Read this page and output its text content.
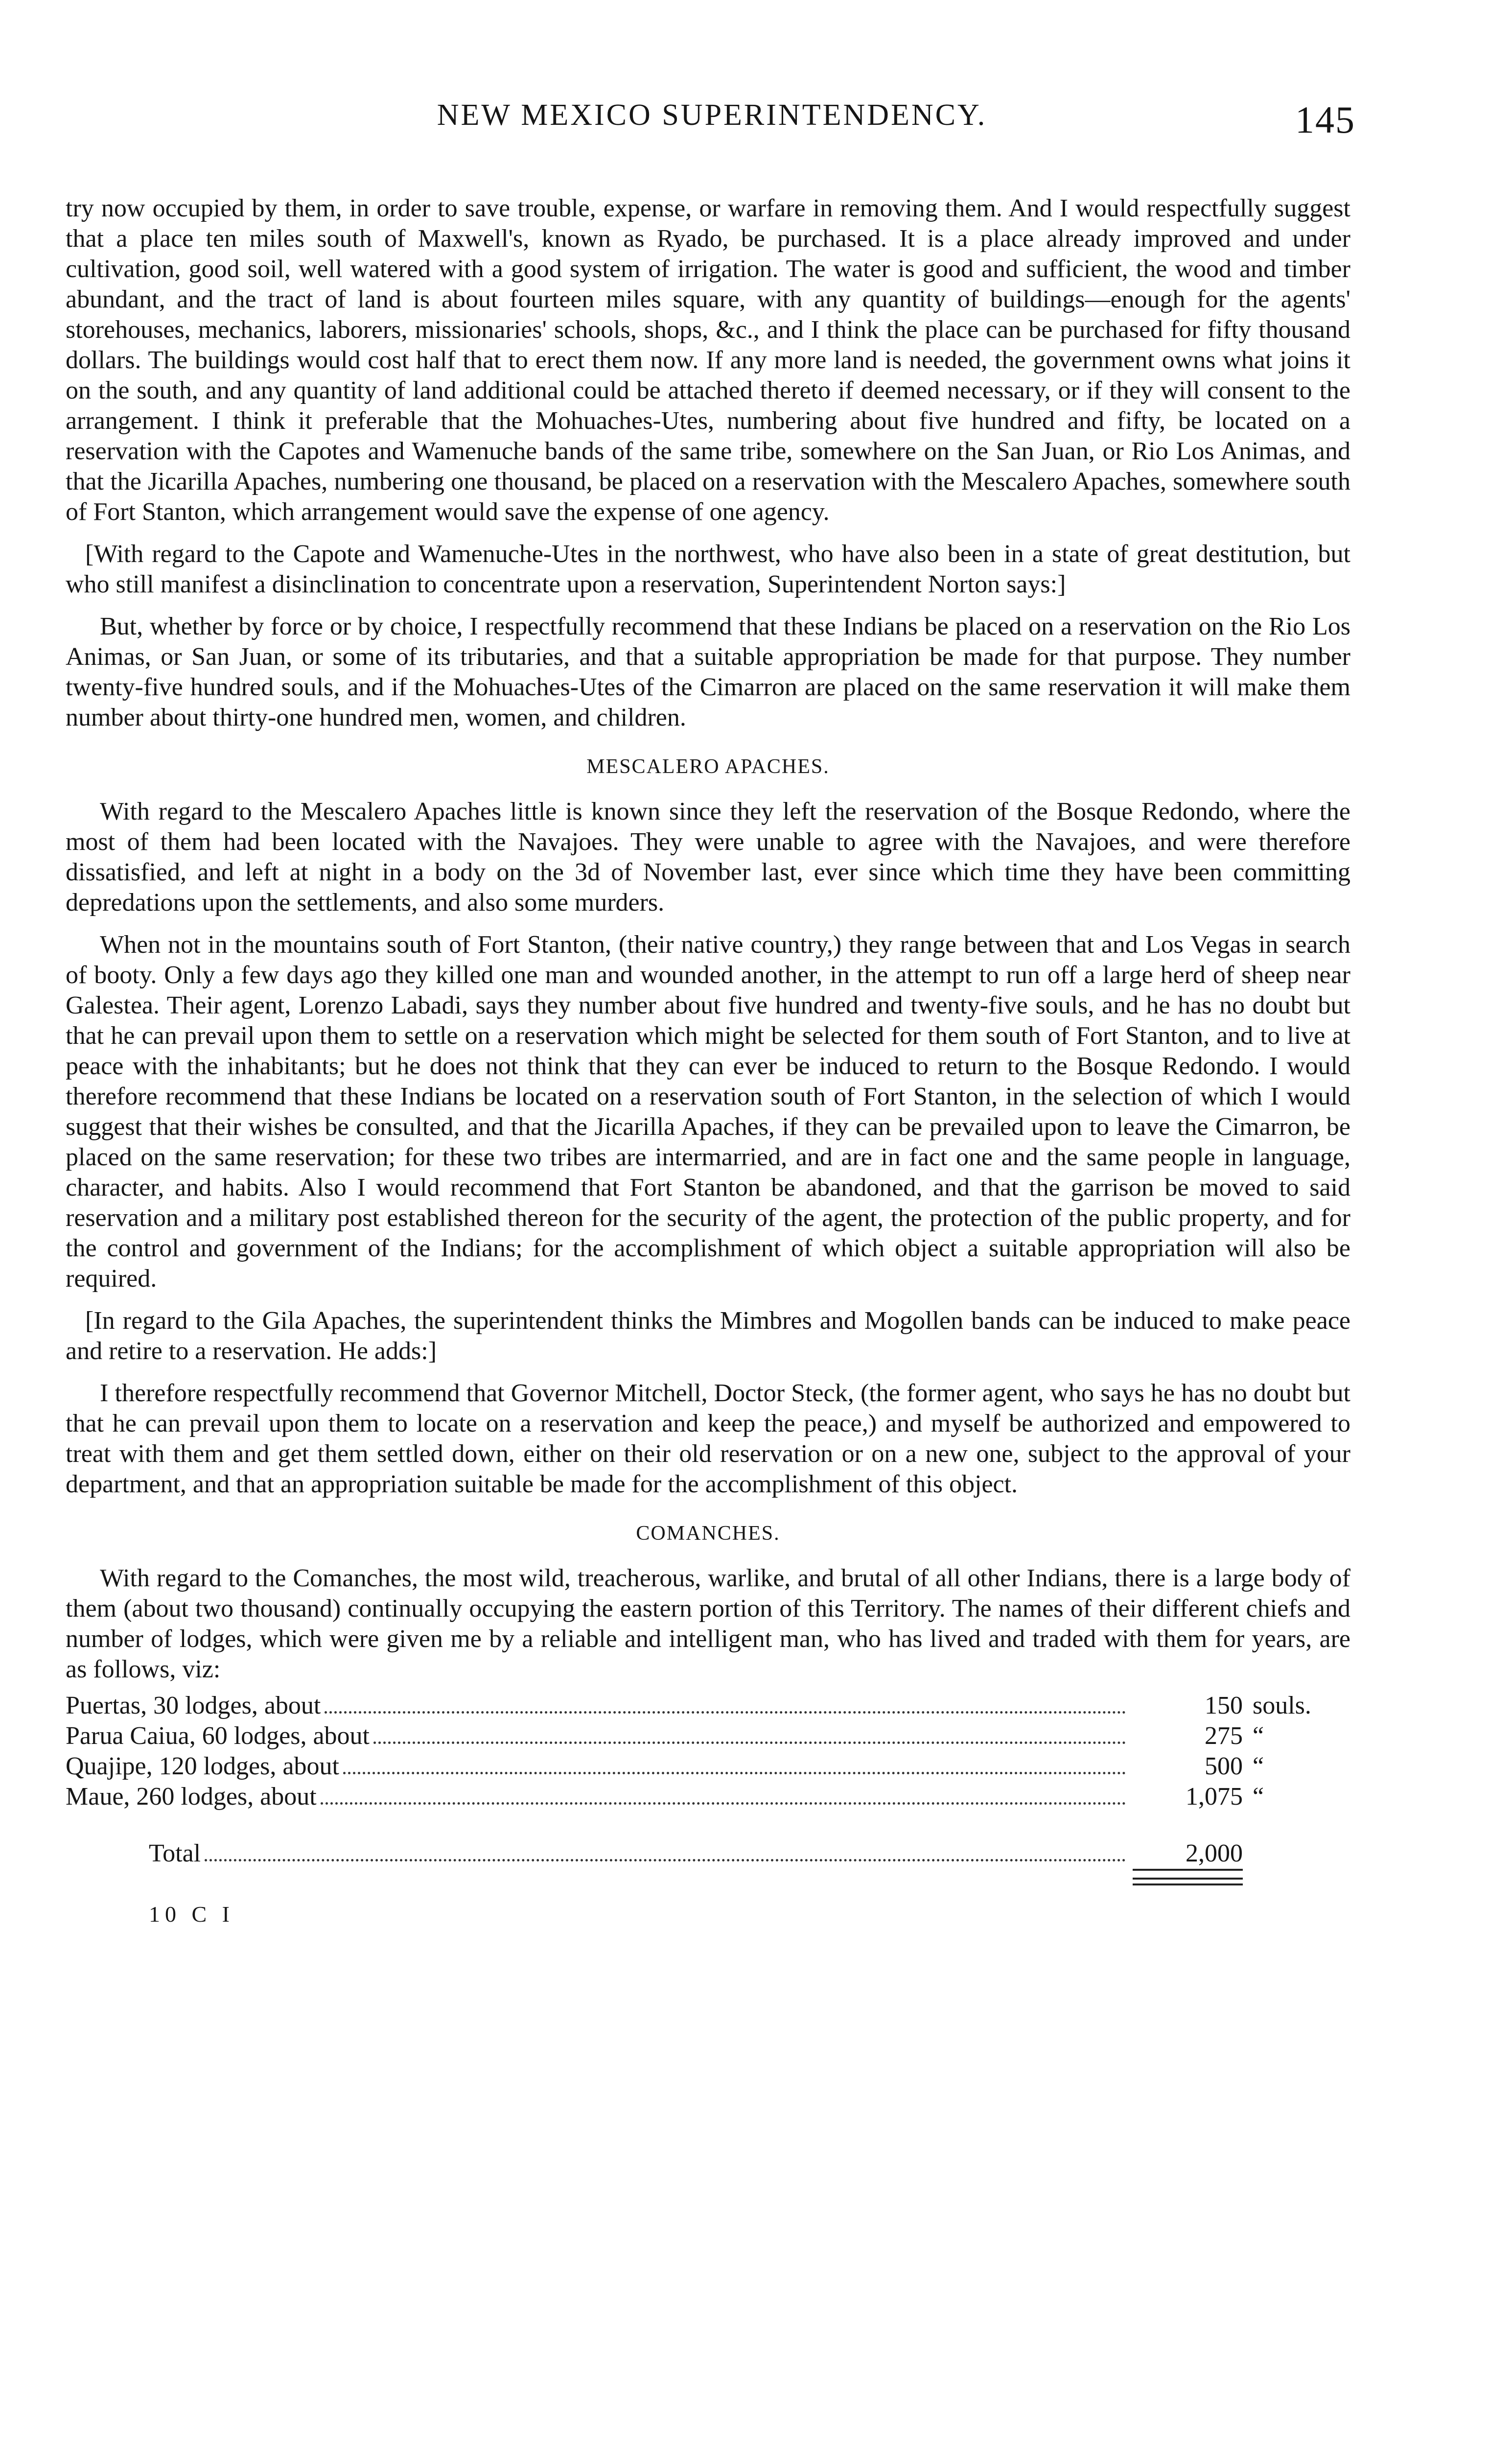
NEW MEXICO SUPERINTENDENCY.	145

try now occupied by them, in order to save trouble, expense, or warfare in removing them. And I would respectfully suggest that a place ten miles south of Maxwell's, known as Ryado, be purchased. It is a place already improved and under cultivation, good soil, well watered with a good system of irrigation. The water is good and sufficient, the wood and timber abundant, and the tract of land is about fourteen miles square, with any quantity of buildings—enough for the agents' storehouses, mechanics, laborers, missionaries' schools, shops, &c., and I think the place can be purchased for fifty thousand dollars. The buildings would cost half that to erect them now. If any more land is needed, the government owns what joins it on the south, and any quantity of land additional could be attached thereto if deemed necessary, or if they will consent to the arrangement. I think it preferable that the Mohuaches-Utes, numbering about five hundred and fifty, be located on a reservation with the Capotes and Wamenuche bands of the same tribe, somewhere on the San Juan, or Rio Los Animas, and that the Jicarilla Apaches, numbering one thousand, be placed on a reservation with the Mescalero Apaches, somewhere south of Fort Stanton, which arrangement would save the expense of one agency.

[With regard to the Capote and Wamenuche-Utes in the northwest, who have also been in a state of great destitution, but who still manifest a disinclination to concentrate upon a reservation, Superintendent Norton says:]

But, whether by force or by choice, I respectfully recommend that these Indians be placed on a reservation on the Rio Los Animas, or San Juan, or some of its tributaries, and that a suitable appropriation be made for that purpose. They number twenty-five hundred souls, and if the Mohuaches-Utes of the Cimarron are placed on the same reservation it will make them number about thirty-one hundred men, women, and children.

MESCALERO APACHES.

With regard to the Mescalero Apaches little is known since they left the reservation of the Bosque Redondo, where the most of them had been located with the Navajoes. They were unable to agree with the Navajoes, and were therefore dissatisfied, and left at night in a body on the 3d of November last, ever since which time they have been committing depredations upon the settlements, and also some murders.

When not in the mountains south of Fort Stanton, (their native country,) they range between that and Los Vegas in search of booty. Only a few days ago they killed one man and wounded another, in the attempt to run off a large herd of sheep near Galestea. Their agent, Lorenzo Labadi, says they number about five hundred and twenty-five souls, and he has no doubt but that he can prevail upon them to settle on a reservation which might be selected for them south of Fort Stanton, and to live at peace with the inhabitants; but he does not think that they can ever be induced to return to the Bosque Redondo. I would therefore recommend that these Indians be located on a reservation south of Fort Stanton, in the selection of which I would suggest that their wishes be consulted, and that the Jicarilla Apaches, if they can be prevailed upon to leave the Cimarron, be placed on the same reservation; for these two tribes are intermarried, and are in fact one and the same people in language, character, and habits. Also I would recommend that Fort Stanton be abandoned, and that the garrison be moved to said reservation and a military post established thereon for the security of the agent, the protection of the public property, and for the control and government of the Indians; for the accomplishment of which object a suitable appropriation will also be required.

[In regard to the Gila Apaches, the superintendent thinks the Mimbres and Mogollen bands can be induced to make peace and retire to a reservation. He adds:]

I therefore respectfully recommend that Governor Mitchell, Doctor Steck, (the former agent, who says he has no doubt but that he can prevail upon them to locate on a reservation and keep the peace,) and myself be authorized and empowered to treat with them and get them settled down, either on their old reservation or on a new one, subject to the approval of your department, and that an appropriation suitable be made for the accomplishment of this object.

COMANCHES.

With regard to the Comanches, the most wild, treacherous, warlike, and brutal of all other Indians, there is a large body of them (about two thousand) continually occupying the eastern portion of this Territory. The names of their different chiefs and number of lodges, which were given me by a reliable and intelligent man, who has lived and traded with them for years, are as follows, viz:

Puertas, 30 lodges, about	150 souls.
Parua Caiua, 60 lodges, about	275 “
Quajipe, 120 lodges, about	500 “
Maue, 260 lodges, about	1,075 “
Total	2,000
10 C I
